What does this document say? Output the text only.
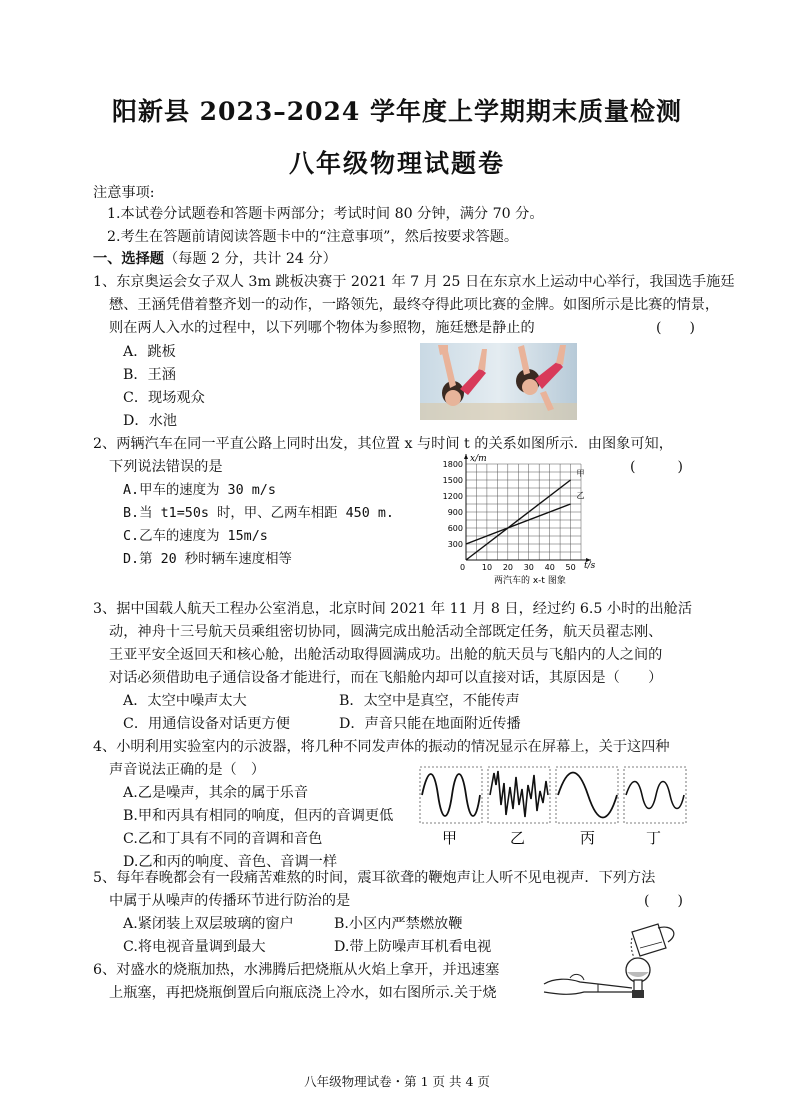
阳新县 2023–2024 学年度上学期期末质量检测
八年级物理试题卷
注意事项:
1.本试卷分试题卷和答题卡两部分；考试时间 80 分钟，满分 70 分。
2.考生在答题前请阅读答题卡中的“注意事项”，然后按要求答题。
一、选择题（每题 2 分，共计 24 分）
1、东京奥运会女子双人 3m 跳板决赛于 2021 年 7 月 25 日在东京水上运动中心举行，我国选手施廷
懋、王涵凭借着整齐划一的动作，一路领先，最终夺得此项比赛的金牌。如图所示是比赛的情景，
则在两人入水的过程中，以下列哪个物体为参照物，施廷懋是静止的	(　　)
A．跳板
B．王涵
C．现场观众
D．水池
2、两辆汽车在同一平直公路上同时出发，其位置 x 与时间 t 的关系如图所示．由图象可知，
下列说法错误的是	(　　　)
A.甲车的速度为 30 m/s
B.当 t1=50s 时，甲、乙两车相距 450 m.
C.乙车的速度为 15m/s
D.第 20 秒时辆车速度相等
0 10 20 30 40 50
300
600
900
1200
1500
1800
甲
乙
x/m
t/s
两汽车的 x-t 图象
3、据中国载人航天工程办公室消息，北京时间 2021 年 11 月 8 日，经过约 6.5 小时的出舱活
动，神舟十三号航天员乘组密切协同，圆满完成出舱活动全部既定任务，航天员翟志刚、
王亚平安全返回天和核心舱，出舱活动取得圆满成功。出舱的航天员与飞船内的人之间的
对话必须借助电子通信设备才能进行，而在飞船舱内却可以直接对话，其原因是（　　）
A．太空中噪声太大	B．太空中是真空，不能传声
C．用通信设备对话更方便	D．声音只能在地面附近传播
4、小明利用实验室内的示波器，将几种不同发声体的振动的情况显示在屏幕上，关于这四种
声音说法正确的是（　）
A.乙是噪声，其余的属于乐音
B.甲和丙具有相同的响度，但丙的音调更低
C.乙和丁具有不同的音调和音色
D.乙和丙的响度、音色、音调一样
甲	乙	丙	丁
5、每年春晚都会有一段痛苦难熬的时间，震耳欲聋的鞭炮声让人听不见电视声．下列方法
中属于从噪声的传播环节进行防治的是	(　　)
A.紧闭装上双层玻璃的窗户	B.小区内严禁燃放鞭
C.将电视音量调到最大	D.带上防噪声耳机看电视
6、对盛水的烧瓶加热，水沸腾后把烧瓶从火焰上拿开，并迅速塞
上瓶塞，再把烧瓶倒置后向瓶底浇上冷水，如右图所示.关于烧
八年级物理试卷・第 1 页 共 4 页
